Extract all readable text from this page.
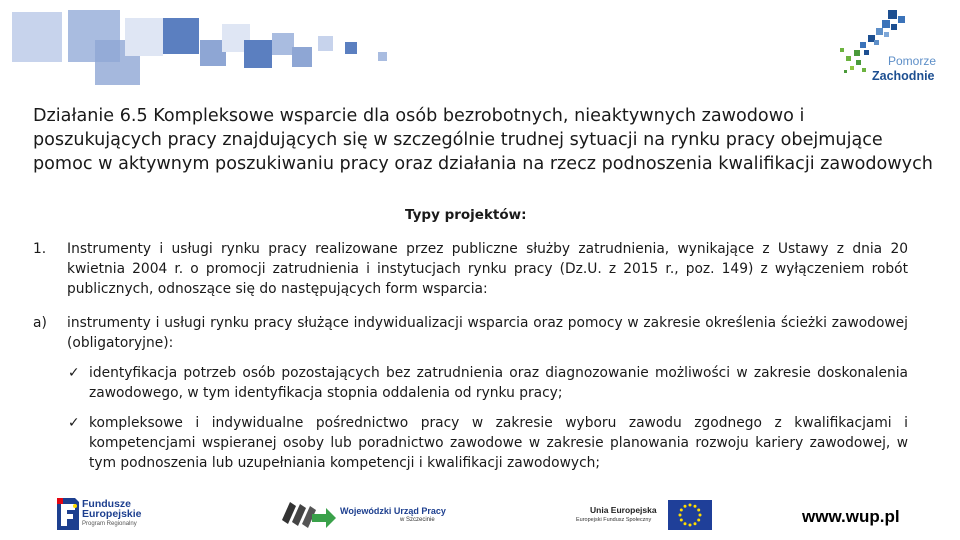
Pomorze
Zachodnie
Działanie 6.5 Kompleksowe wsparcie dla osób bezrobotnych, nieaktywnych zawodowo i poszukujących pracy znajdujących się w szczególnie trudnej sytuacji na rynku pracy obejmujące pomoc w aktywnym poszukiwaniu pracy oraz działania na rzecz podnoszenia kwalifikacji zawodowych
Typy projektów:
1. Instrumenty i usługi rynku pracy realizowane przez publiczne służby zatrudnienia, wynikające z Ustawy z dnia 20 kwietnia 2004 r. o promocji zatrudnienia i instytucjach rynku pracy (Dz.U. z 2015 r., poz. 149) z wyłączeniem robót publicznych, odnoszące się do następujących form wsparcia:
a) instrumenty i usługi rynku pracy służące indywidualizacji wsparcia oraz pomocy w zakresie określenia ścieżki zawodowej (obligatoryjne):
✓ identyfikacja potrzeb osób pozostających bez zatrudnienia oraz diagnozowanie możliwości w zakresie doskonalenia zawodowego, w tym identyfikacja stopnia oddalenia od rynku pracy;
✓ kompleksowe i indywidualne pośrednictwo pracy w zakresie wyboru zawodu zgodnego z kwalifikacjami i kompetencjami wspieranej osoby lub poradnictwo zawodowe w zakresie planowania rozwoju kariery zawodowej, w tym podnoszenia lub uzupełniania kompetencji i kwalifikacji zawodowych;
Fundusze
Europejskie
Program Regionalny
Wojewódzki Urząd Pracy
w Szczecinie
Unia Europejska
Europejski Fundusz Społeczny	www.wup.pl
